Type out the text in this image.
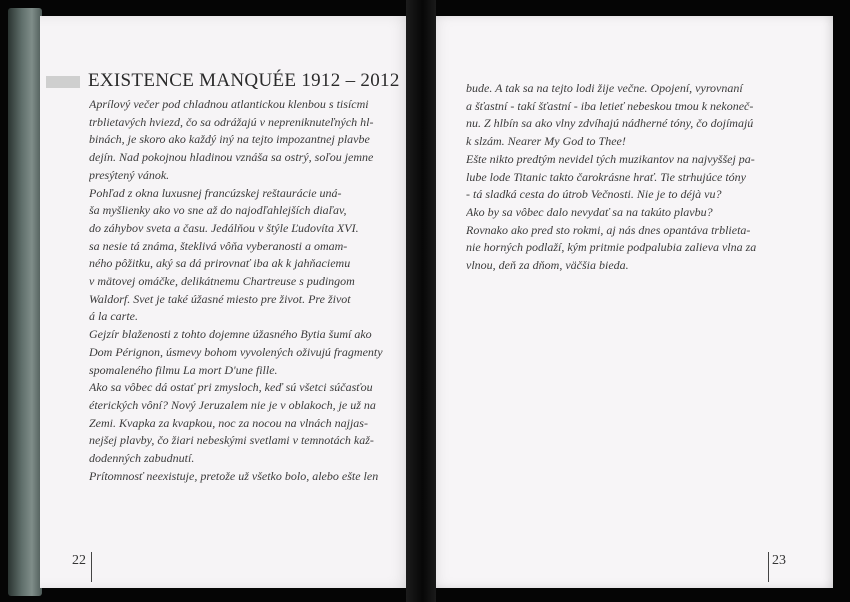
EXISTENCE MANQUÉE 1912 – 2012

Aprílový večer pod chladnou atlantickou klenbou s tisícmi

trblietavých hviezd, čo sa odrážajú v nepreniknuteľných hl-

binách, je skoro ako každý iný na tejto impozantnej plavbe

dejín. Nad pokojnou hladinou vznáša sa ostrý, soľou jemne

presýtený vánok.

Pohľad z okna luxusnej francúzskej reštaurácie uná-

ša myšlienky ako vo sne až do najodľahlejších diaľav,

do záhybov sveta a času. Jedálňou v štýle Ľudovíta XVI.

sa nesie tá známa, šteklivá vôňa vyberanosti a omam-

ného pôžitku, aký sa dá prirovnať iba ak k jahňaciemu

v mätovej omáčke, delikátnemu Chartreuse s pudingom

Waldorf. Svet je také úžasné miesto pre život. Pre život

á la carte.

Gejzír blaženosti z tohto dojemne úžasného Bytia šumí ako

Dom Pérignon, úsmevy bohom vyvolených oživujú fragmenty

spomaleného filmu La mort D'une fille.

Ako sa vôbec dá ostať pri zmysloch, keď sú všetci súčasťou

éterických vôní? Nový Jeruzalem nie je v oblakoch, je už na

Zemi. Kvapka za kvapkou, noc za nocou na vlnách najjas-

nejšej plavby, čo žiari nebeskými svetlami v temnotách kaž-

dodenných zabudnutí.

Prítomnosť neexistuje, pretože už všetko bolo, alebo ešte len

bude. A tak sa na tejto lodi žije večne. Opojení, vyrovnaní

a šťastní - takí šťastní - iba letieť nebeskou tmou k nekoneč-

nu. Z hlbín sa ako vlny zdvíhajú nádherné tóny, čo dojímajú

k slzám. Nearer My God to Thee!

Ešte nikto predtým nevidel tých muzikantov na najvyššej pa-

lube lode Titanic takto čarokrásne hrať. Tie strhujúce tóny

- tá sladká cesta do útrob Večnosti. Nie je to déjà vu?

Ako by sa vôbec dalo nevydať sa na takúto plavbu?

Rovnako ako pred sto rokmi, aj nás dnes opantáva trblieta-

nie horných podlaží, kým pritmie podpalubia zalieva vlna za

vlnou, deň za dňom, väčšia bieda.

22	23
